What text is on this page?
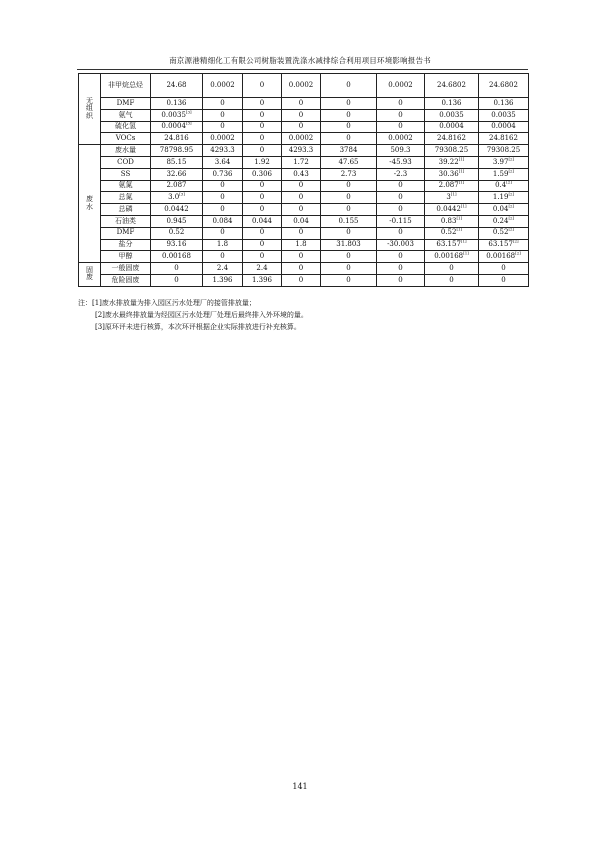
南京源港精细化工有限公司树脂装置洗涤水减排综合利用项目环境影响报告书
无组织	非甲烷总烃	24.68	0.0002	0	0.0002	0	0.0002	24.6802	24.6802
	DMF	0.136	0	0	0	0	0	0.136	0.136
	氨气	0.0035[3]	0	0	0	0	0	0.0035	0.0035
	硫化氢	0.0004[3]	0	0	0	0	0	0.0004	0.0004
	VOCs	24.816	0.0002	0	0.0002	0	0.0002	24.8162	24.8162
废水	废水量	78798.95	4293.3	0	4293.3	3784	509.3	79308.25	79308.25
	COD	85.15	3.64	1.92	1.72	47.65	-45.93	39.22[1]	3.97[2]
	SS	32.66	0.736	0.306	0.43	2.73	-2.3	30.36[1]	1.59[2]
	氨氮	2.087	0	0	0	0	0	2.087[1]	0.4[2]
	总氮	3.0[3]	0	0	0	0	0	3[1]	1.19[2]
	总磷	0.0442	0	0	0	0	0	0.0442[1]	0.04[2]
	石油类	0.945	0.084	0.044	0.04	0.155	-0.115	0.83[1]	0.24[2]
	DMF	0.52	0	0	0	0	0	0.52[1]	0.52[2]
	盐分	93.16	1.8	0	1.8	31.803	-30.003	63.157[1]	63.157[2]
	甲醇	0.00168	0	0	0	0	0	0.00168[1]	0.00168[2]
固废	一般固废	0	2.4	2.4	0	0	0	0	0
	危险固废	0	1.396	1.396	0	0	0	0	0
注：[1]废水排放量为排入园区污水处理厂的接管排放量；
[2]废水最终排放量为经园区污水处理厂处理后最终排入外环境的量。
[3]原环评未进行核算，本次环评根据企业实际排放进行补充核算。
141
